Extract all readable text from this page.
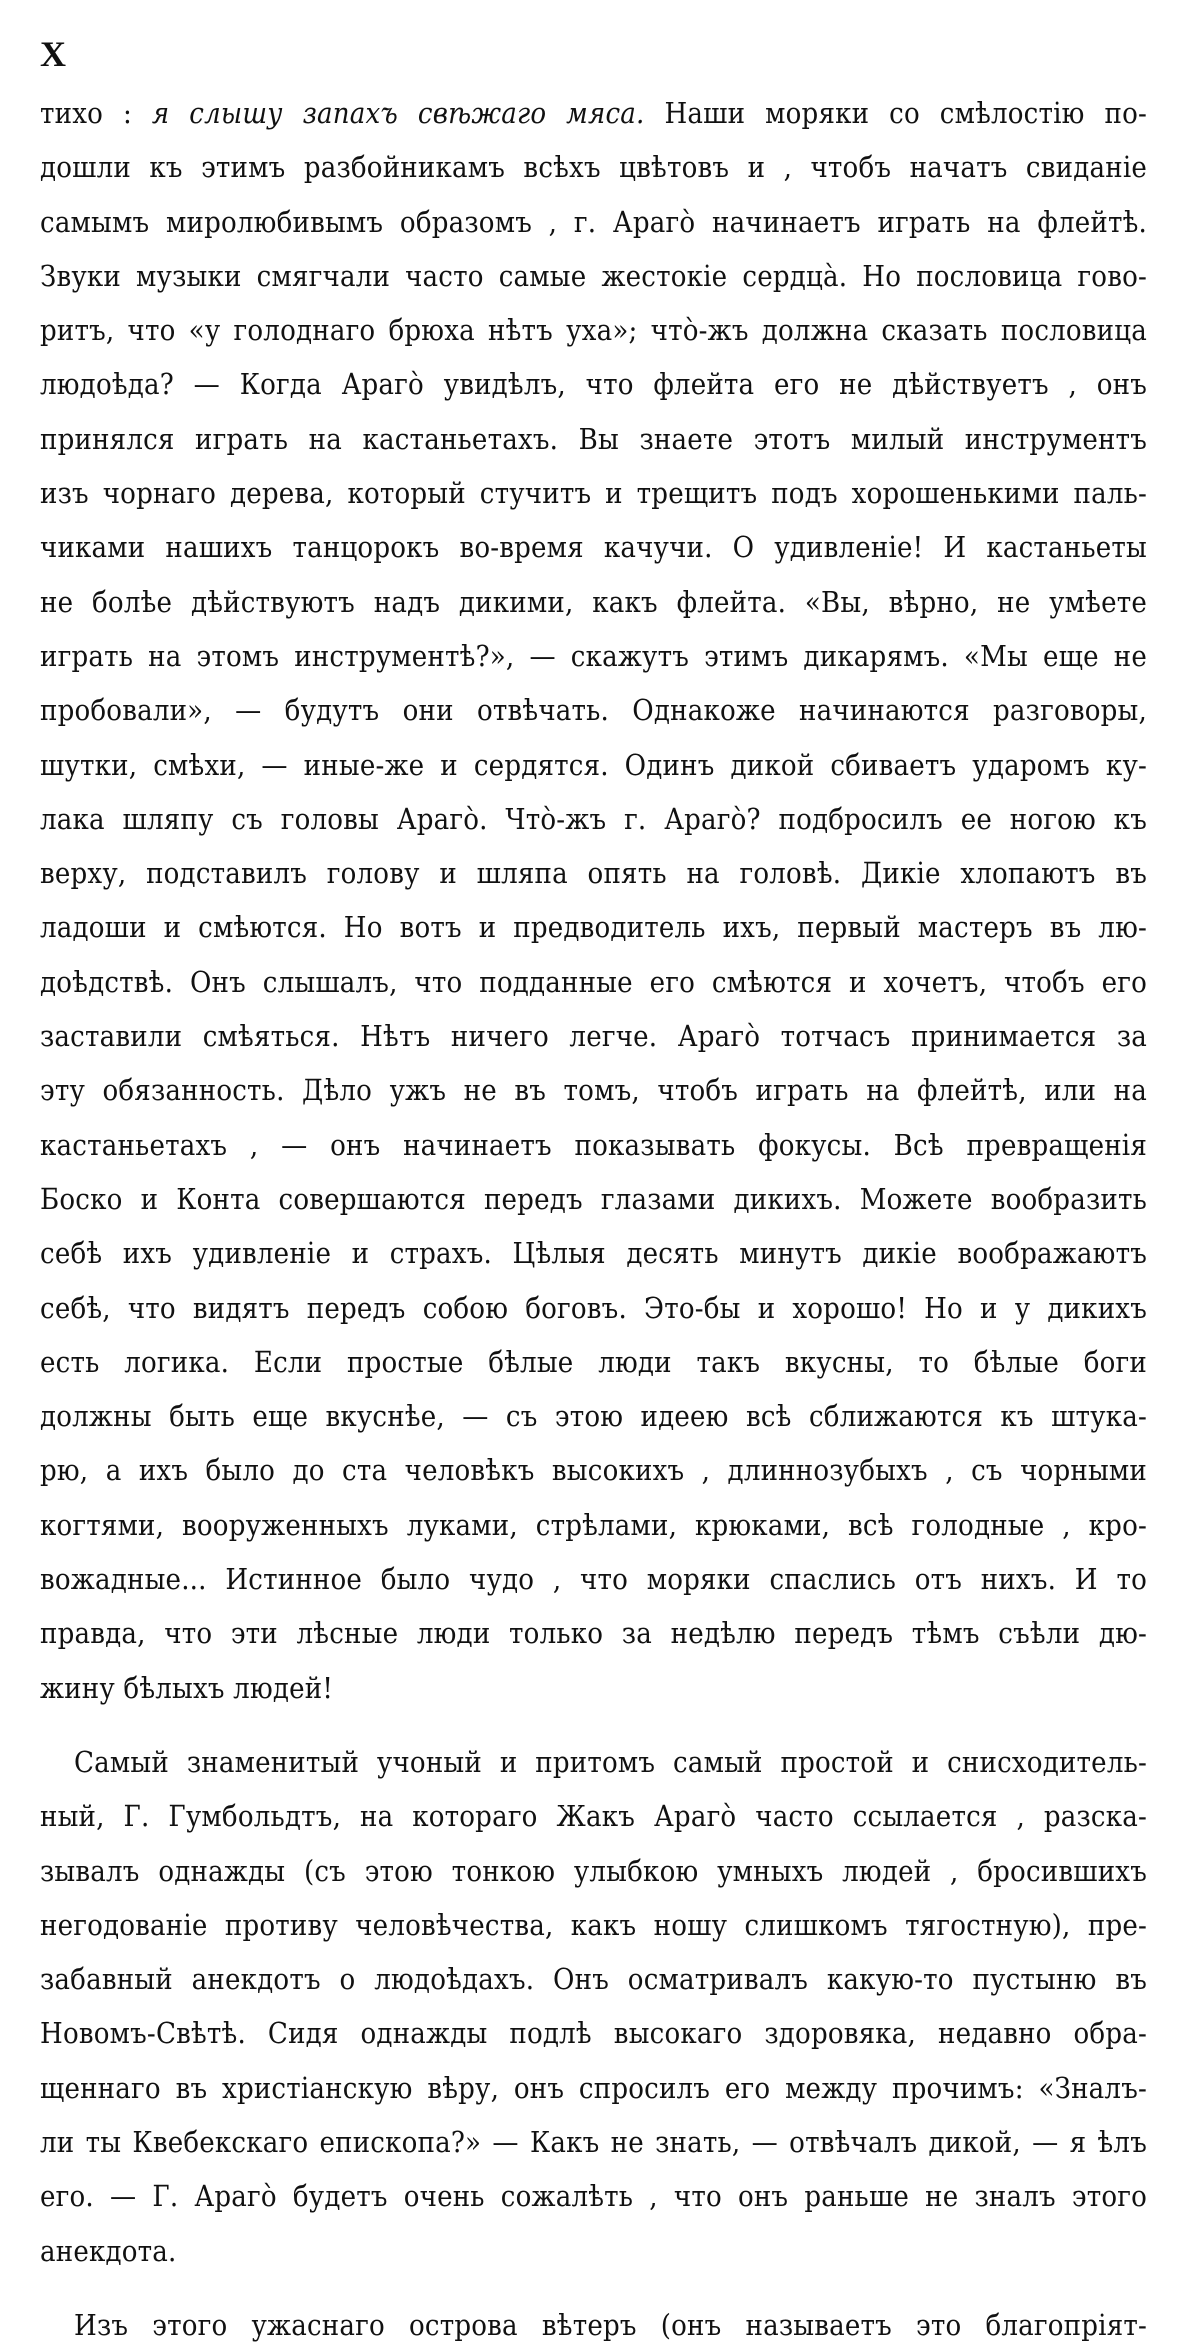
X
тихо : я слышу запахъ свѣжаго мяса. Наши моряки со смѣлостію по-
дошли къ этимъ разбойникамъ всѣхъ цвѣтовъ и , чтобъ начатъ свиданіе
самымъ миролюбивымъ образомъ , г. Араго̀ начинаетъ играть на флейтѣ.
Звуки музыки смягчали часто самые жестокіе сердца̀. Но пословица гово-
ритъ, что «у голоднаго брюха нѣтъ уха»; что̀-жъ должна сказать пословица
людоѣда? — Когда Араго̀ увидѣлъ, что флейта его не дѣйствуетъ , онъ
принялся играть на кастаньетахъ. Вы знаете этотъ милый инструментъ
изъ чорнаго дерева, который стучитъ и трещитъ подъ хорошенькими паль-
чиками нашихъ танцорокъ во-время качучи. О удивленіе! И кастаньеты
не болѣе дѣйствуютъ надъ дикими, какъ флейта. «Вы, вѣрно, не умѣете
играть на этомъ инструментѣ?», — скажутъ этимъ дикарямъ. «Мы еще не
пробовали», — будутъ они отвѣчать. Однакоже начинаются разговоры,
шутки, смѣхи, — иные-же и сердятся. Одинъ дикой сбиваетъ ударомъ ку-
лака шляпу съ головы Араго̀. Что̀-жъ г. Араго̀? подбросилъ ее ногою къ
верху, подставилъ голову и шляпа опять на головѣ. Дикіе хлопаютъ въ
ладоши и смѣются. Но вотъ и предводитель ихъ, первый мастеръ въ лю-
доѣдствѣ. Онъ слышалъ, что подданные его смѣются и хочетъ, чтобъ его
заставили смѣяться. Нѣтъ ничего легче. Араго̀ тотчасъ принимается за
эту обязанность. Дѣло ужъ не въ томъ, чтобъ играть на флейтѣ, или на
кастаньетахъ , — онъ начинаетъ показывать фокусы. Всѣ превращенія
Боско и Конта совершаются передъ глазами дикихъ. Можете вообразить
себѣ ихъ удивленіе и страхъ. Цѣлыя десять минутъ дикіе воображаютъ
себѣ, что видятъ передъ собою боговъ. Это-бы и хорошо! Но и у дикихъ
есть логика. Если простые бѣлые люди такъ вкусны, то бѣлые боги
должны быть еще вкуснѣе, — съ этою идеею всѣ сближаются къ штука-
рю, а ихъ было до ста человѣкъ высокихъ , длиннозубыхъ , съ чорными
когтями, вооруженныхъ луками, стрѣлами, крюками, всѣ голодные , кро-
вожадные... Истинное было чудо , что моряки спаслись отъ нихъ. И то
правда, что эти лѣсные люди только за недѣлю передъ тѣмъ съѣли дю-
жину бѣлыхъ людей!
Самый знаменитый учоный и притомъ самый простой и снисходитель-
ный, Г. Гумбольдтъ, на котораго Жакъ Араго̀ часто ссылается , разска-
зывалъ однажды (съ этою тонкою улыбкою умныхъ людей , бросившихъ
негодованіе противу человѣчества, какъ ношу слишкомъ тягостную), пре-
забавный анекдотъ о людоѣдахъ. Онъ осматривалъ какую-то пустыню въ
Новомъ-Свѣтѣ. Сидя однажды подлѣ высокаго здоровяка, недавно обра-
щеннаго въ христіанскую вѣру, онъ спросилъ его между прочимъ: «Зналъ-
ли ты Квебекскаго епископа?» — Какъ не знать, — отвѣчалъ дикой, — я ѣлъ
его. — Г. Араго̀ будетъ очень сожалѣть , что онъ раньше не зналъ этого
анекдота.
Изъ этого ужаснаго острова вѣтеръ (онъ называетъ это благопріят-
